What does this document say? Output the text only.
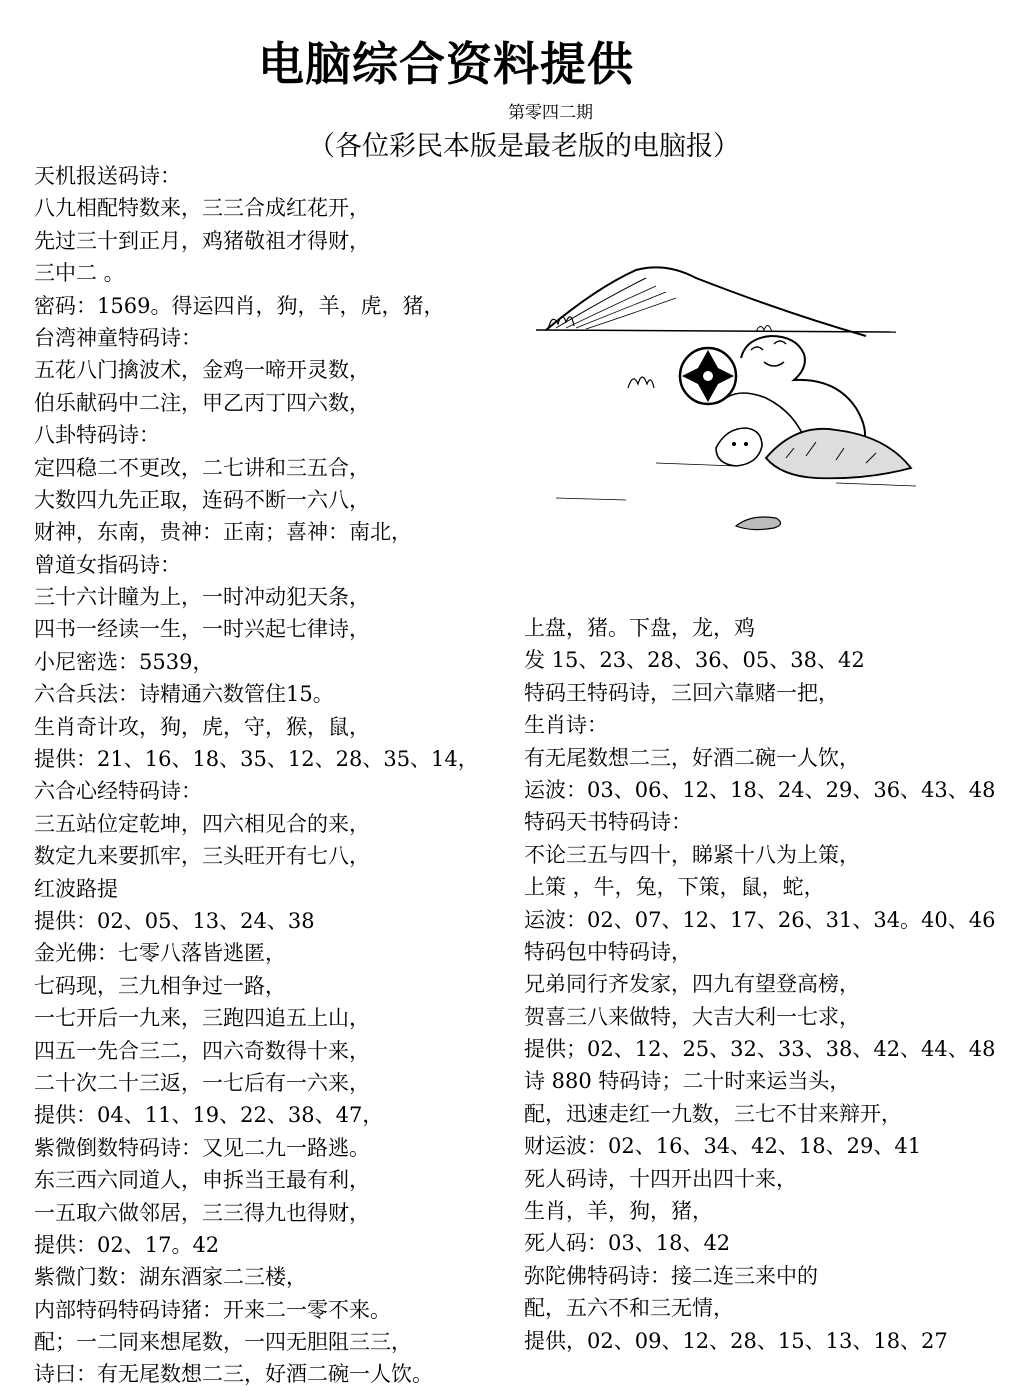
电脑综合资料提供
第零四二期
（各位彩民本版是最老版的电脑报）
天机报送码诗：
八九相配特数来，三三合成红花开，
先过三十到正月，鸡猪敬祖才得财，
三中二 。
密码：1569。得运四肖，狗，羊，虎，猪，
台湾神童特码诗：
五花八门擒波术，金鸡一啼开灵数，
伯乐献码中二注，甲乙丙丁四六数，
八卦特码诗：
定四稳二不更改，二七讲和三五合，
大数四九先正取，连码不断一六八，
财神，东南，贵神：正南；喜神：南北，
曾道女指码诗：
三十六计瞳为上，一时冲动犯天条，
四书一经读一生，一时兴起七律诗，
小尼密选：5539，
六合兵法：诗精通六数管住15。
生肖奇计攻，狗，虎，守，猴，鼠，
提供：21、16、18、35、12、28、35、14，
六合心经特码诗：
三五站位定乾坤，四六相见合的来，
数定九来要抓牢，三头旺开有七八，
红波路提
提供：02、05、13、24、38
金光佛：七零八落皆逃匿，
七码现，三九相争过一路，
一七开后一九来，三跑四追五上山，
四五一先合三二，四六奇数得十来，
二十次二十三返，一七后有一六来，
提供：04、11、19、22、38、47，
紫微倒数特码诗：又见二九一路逃。
东三西六同道人，申拆当王最有利，
一五取六做邻居，三三得九也得财，
提供：02、17。42
紫微门数：湖东酒家二三楼，
内部特码特码诗猪：开来二一零不来。
配；一二同来想尾数，一四无胆阻三三，
诗曰：有无尾数想二三，好酒二碗一人饮。
上盘，猪。下盘，龙，鸡
发 15、23、28、36、05、38、42
特码王特码诗，三回六靠赌一把，
生肖诗：
有无尾数想二三，好酒二碗一人饮，
运波：03、06、12、18、24、29、36、43、48
特码天书特码诗：
不论三五与四十，睇紧十八为上策，
上策 ，牛，兔，下策，鼠，蛇，
运波：02、07、12、17、26、31、34。40、46
特码包中特码诗，
兄弟同行齐发家，四九有望登高榜，
贺喜三八来做特，大吉大利一七求，
提供；02、12、25、32、33、38、42、44、48
诗 880 特码诗；二十时来运当头，
配，迅速走红一九数，三七不甘来辩开，
财运波：02、16、34、42、18、29、41
死人码诗，十四开出四十来，
生肖，羊，狗，猪，
死人码：03、18、42
弥陀佛特码诗：接二连三来中的
配，五六不和三无情，
提供，02、09、12、28、15、13、18、27
